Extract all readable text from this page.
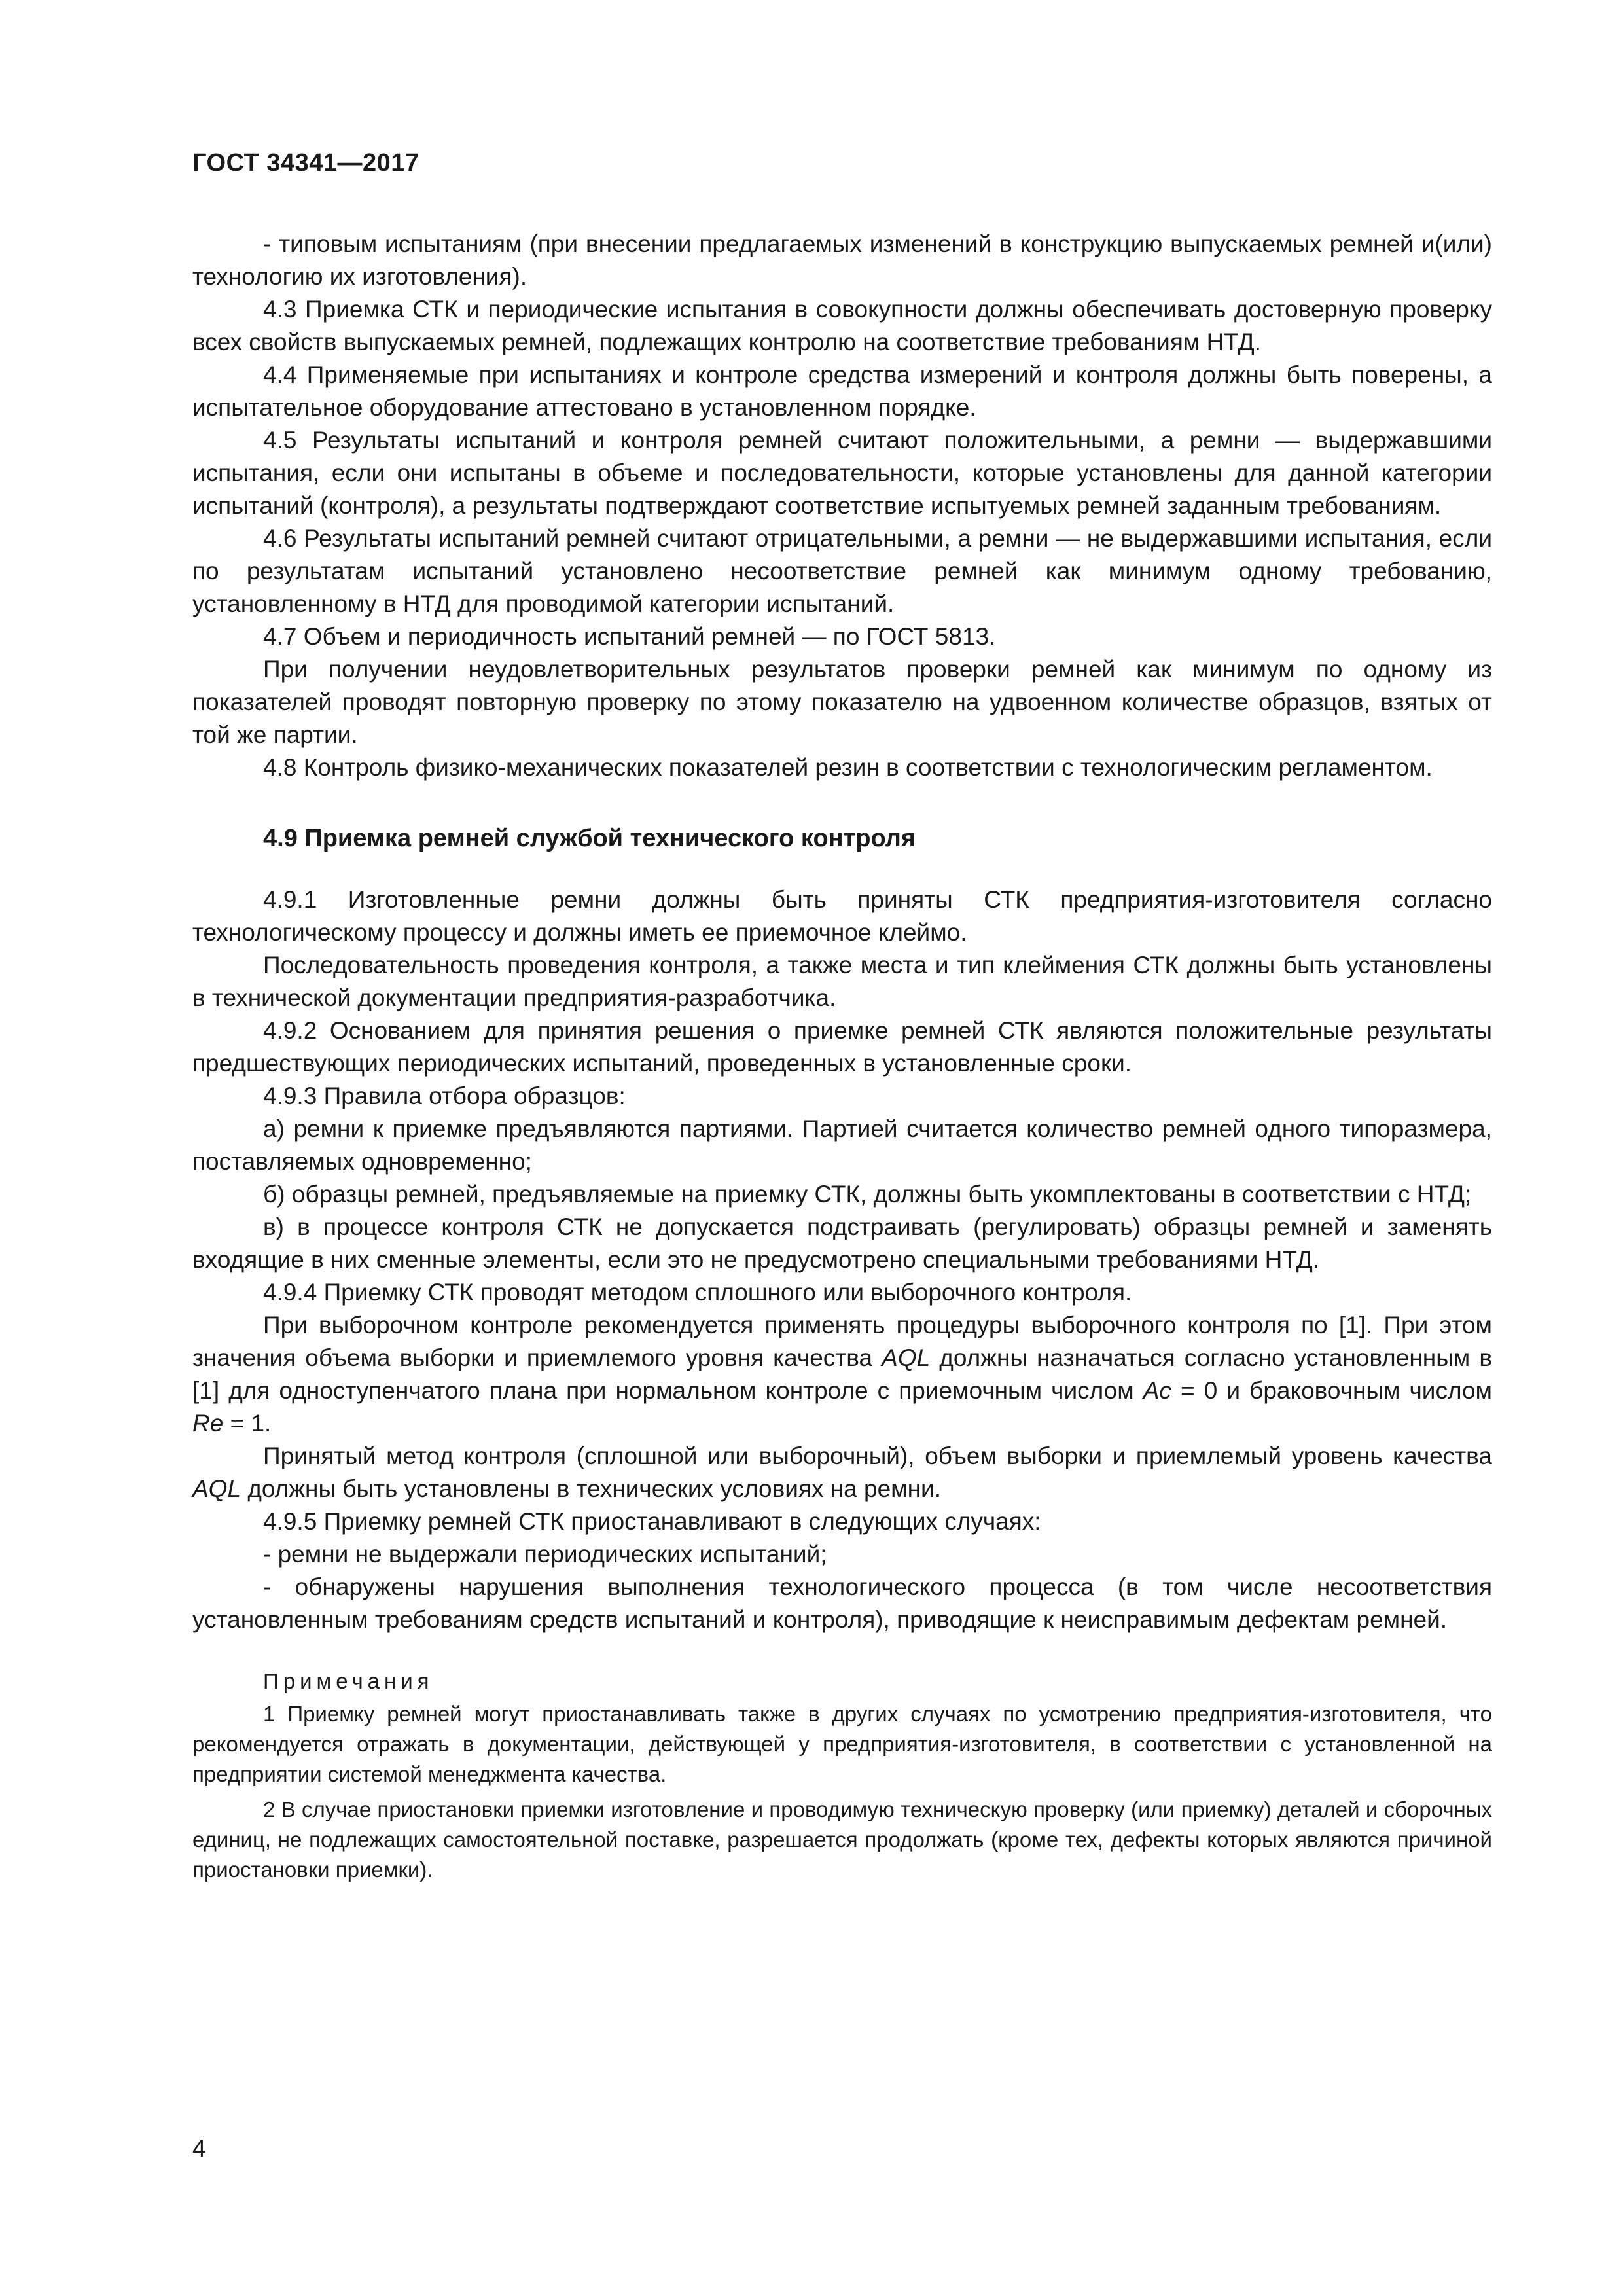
ГОСТ 34341—2017

- типовым испытаниям (при внесении предлагаемых изменений в конструкцию выпускаемых ремней и(или) технологию их изготовления).

4.3 Приемка СТК и периодические испытания в совокупности должны обеспечивать достоверную проверку всех свойств выпускаемых ремней, подлежащих контролю на соответствие требованиям НТД.

4.4 Применяемые при испытаниях и контроле средства измерений и контроля должны быть поверены, а испытательное оборудование аттестовано в установленном порядке.

4.5 Результаты испытаний и контроля ремней считают положительными, а ремни — выдержавшими испытания, если они испытаны в объеме и последовательности, которые установлены для данной категории испытаний (контроля), а результаты подтверждают соответствие испытуемых ремней заданным требованиям.

4.6 Результаты испытаний ремней считают отрицательными, а ремни — не выдержавшими испытания, если по результатам испытаний установлено несоответствие ремней как минимум одному требованию, установленному в НТД для проводимой категории испытаний.

4.7 Объем и периодичность испытаний ремней — по ГОСТ 5813.

При получении неудовлетворительных результатов проверки ремней как минимум по одному из показателей проводят повторную проверку по этому показателю на удвоенном количестве образцов, взятых от той же партии.

4.8 Контроль физико-механических показателей резин в соответствии с технологическим регламентом.

4.9 Приемка ремней службой технического контроля

4.9.1 Изготовленные ремни должны быть приняты СТК предприятия-изготовителя согласно технологическому процессу и должны иметь ее приемочное клеймо.

Последовательность проведения контроля, а также места и тип клеймения СТК должны быть установлены в технической документации предприятия-разработчика.

4.9.2 Основанием для принятия решения о приемке ремней СТК являются положительные результаты предшествующих периодических испытаний, проведенных в установленные сроки.

4.9.3 Правила отбора образцов:

а) ремни к приемке предъявляются партиями. Партией считается количество ремней одного типоразмера, поставляемых одновременно;

б) образцы ремней, предъявляемые на приемку СТК, должны быть укомплектованы в соответствии с НТД;

в) в процессе контроля СТК не допускается подстраивать (регулировать) образцы ремней и заменять входящие в них сменные элементы, если это не предусмотрено специальными требованиями НТД.

4.9.4 Приемку СТК проводят методом сплошного или выборочного контроля.

При выборочном контроле рекомендуется применять процедуры выборочного контроля по [1]. При этом значения объема выборки и приемлемого уровня качества AQL должны назначаться согласно установленным в [1] для одноступенчатого плана при нормальном контроле с приемочным числом Ac = 0 и браковочным числом Re = 1.

Принятый метод контроля (сплошной или выборочный), объем выборки и приемлемый уровень качества AQL должны быть установлены в технических условиях на ремни.

4.9.5 Приемку ремней СТК приостанавливают в следующих случаях:

- ремни не выдержали периодических испытаний;

- обнаружены нарушения выполнения технологического процесса (в том числе несоответствия установленным требованиям средств испытаний и контроля), приводящие к неисправимым дефектам ремней.

Примечания

1 Приемку ремней могут приостанавливать также в других случаях по усмотрению предприятия-изготовителя, что рекомендуется отражать в документации, действующей у предприятия-изготовителя, в соответствии с установленной на предприятии системой менеджмента качества.

2 В случае приостановки приемки изготовление и проводимую техническую проверку (или приемку) деталей и сборочных единиц, не подлежащих самостоятельной поставке, разрешается продолжать (кроме тех, дефекты которых являются причиной приостановки приемки).

4
